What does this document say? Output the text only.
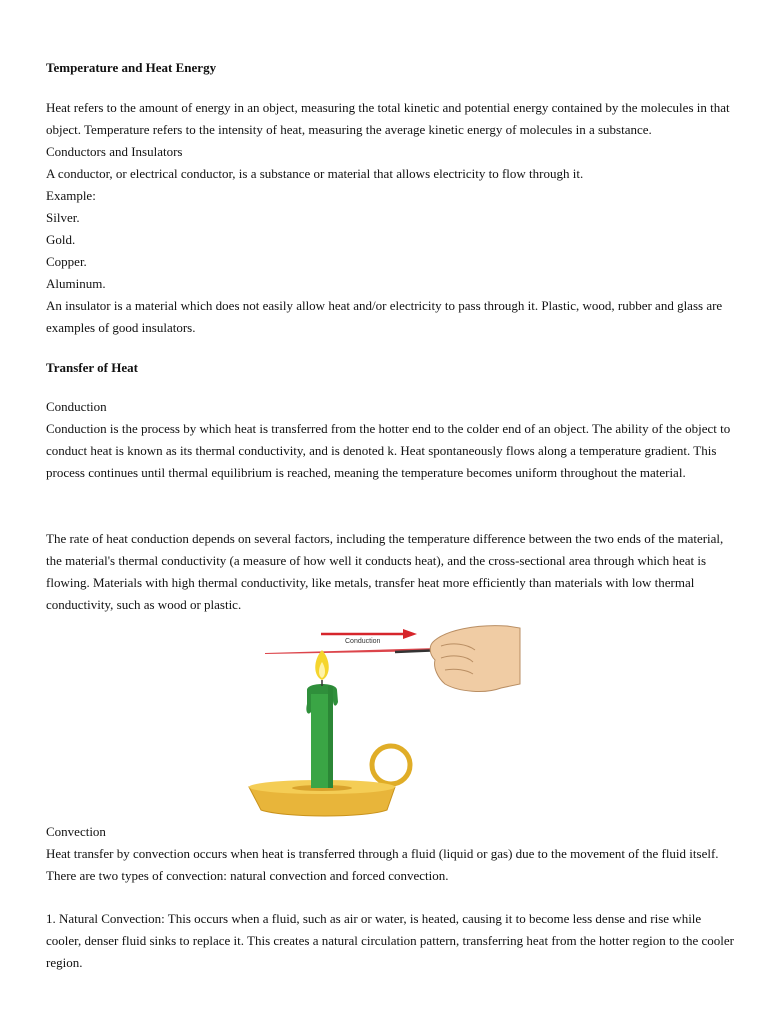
Temperature and Heat Energy

Heat refers to the amount of energy in an object, measuring the total kinetic and potential energy contained by the molecules in that object. Temperature refers to the intensity of heat, measuring the average kinetic energy of molecules in a substance.

Conductors and Insulators

A conductor, or electrical conductor, is a substance or material that allows electricity to flow through it.

Example:

Silver.

Gold.

Copper.

Aluminum.

An insulator is a material which does not easily allow heat and/or electricity to pass through it. Plastic, wood, rubber and glass are examples of good insulators.

Transfer of Heat

Conduction

Conduction is the process by which heat is transferred from the hotter end to the colder end of an object. The ability of the object to conduct heat is known as its thermal conductivity, and is denoted k. Heat spontaneously flows along a temperature gradient. This process continues until thermal equilibrium is reached, meaning the temperature becomes uniform throughout the material.

The rate of heat conduction depends on several factors, including the temperature difference between the two ends of the material, the material's thermal conductivity (a measure of how well it conducts heat), and the cross-sectional area through which heat is flowing. Materials with high thermal conductivity, like metals, transfer heat more efficiently than materials with low thermal conductivity, such as wood or plastic.

Conduction

Convection

Heat transfer by convection occurs when heat is transferred through a fluid (liquid or gas) due to the movement of the fluid itself. There are two types of convection: natural convection and forced convection.

1. Natural Convection: This occurs when a fluid, such as air or water, is heated, causing it to become less dense and rise while cooler, denser fluid sinks to replace it. This creates a natural circulation pattern, transferring heat from the hotter region to the cooler region.
